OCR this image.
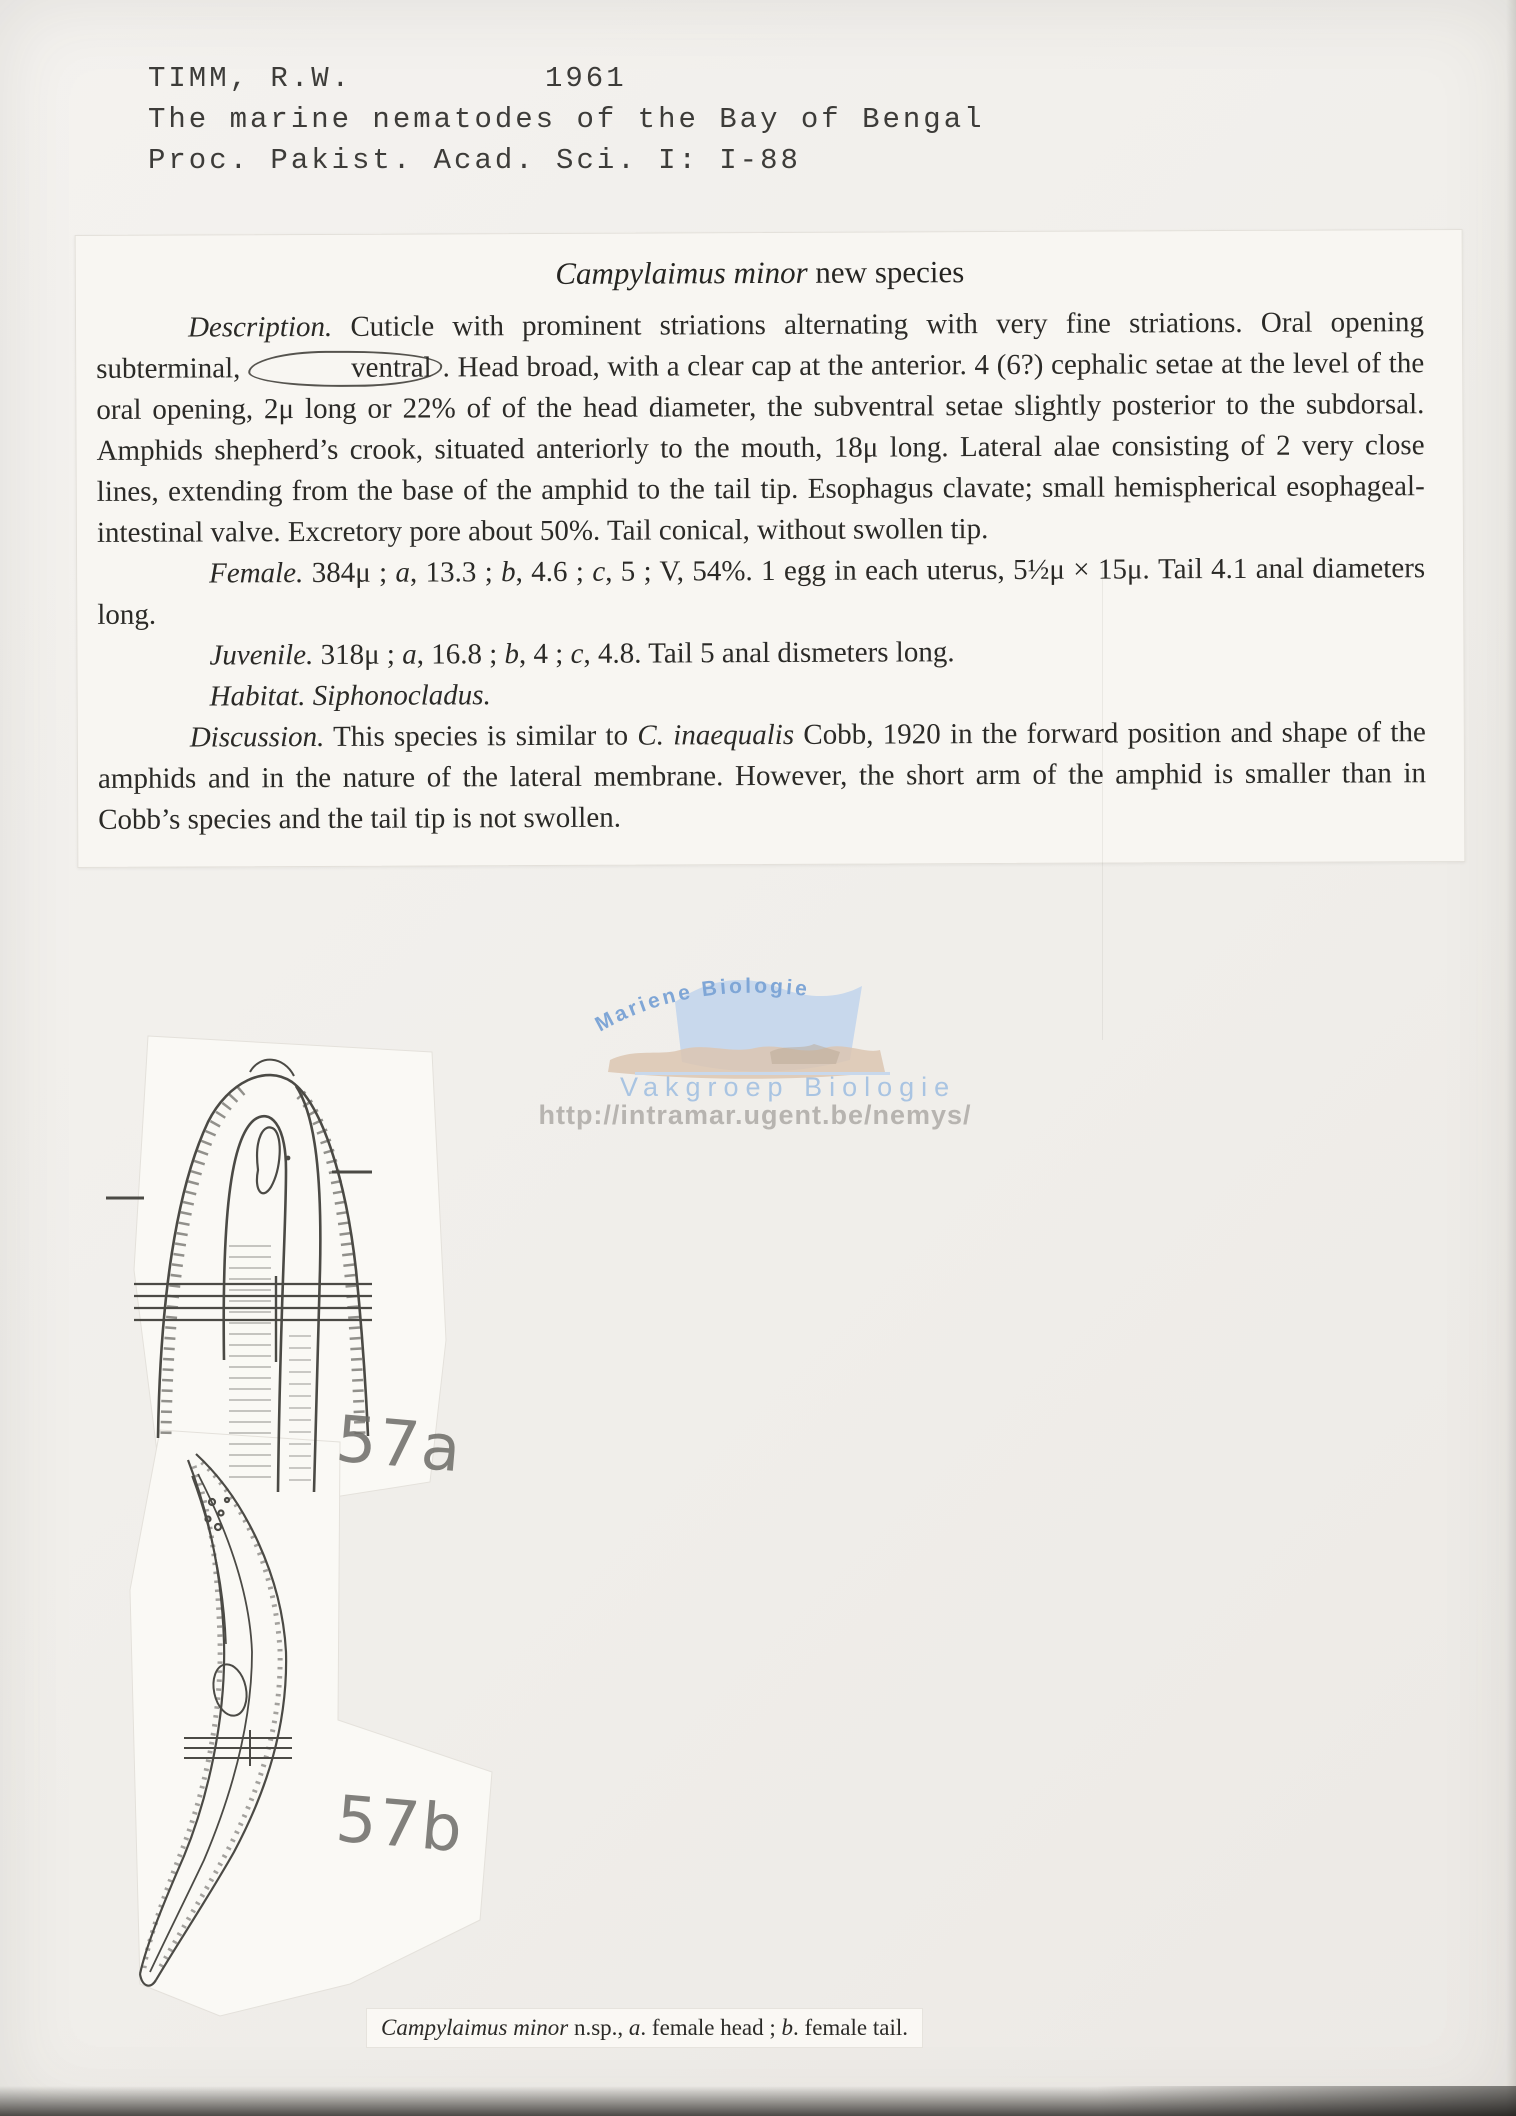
TIMM, R.W.	1961
The marine nematodes of the Bay of Bengal
Proc. Pakist. Acad. Sci. I: I-88
Campylaimus minor new species

Description. Cuticle with prominent striations alternating with very fine striations. Oral opening subterminal,	ventral . Head broad, with a clear cap at the anterior. 4 (6?) cephalic setae at the level of the oral opening, 2μ long or 22% of of the head diameter, the subventral setae slightly posterior to the subdorsal. Amphids shepherd’s crook, situated anteriorly to the mouth, 18μ long. Lateral alae consisting of 2 very close lines, extending from the base of the amphid to the tail tip. Esophagus clavate; small hemispherical esophageal-intestinal valve. Excretory pore about 50%. Tail conical, without swollen tip.

Female. 384μ ; a, 13.3 ; b, 4.6 ; c, 5 ; V, 54%. 1 egg in each uterus, 5½μ × 15μ. Tail 4.1 anal diameters long.

Juvenile. 318μ ; a, 16.8 ; b, 4 ; c, 4.8. Tail 5 anal dismeters long.

Habitat. Siphonocladus.

Discussion. This species is similar to C. inaequalis Cobb, 1920 in the forward position and shape of the amphids and in the nature of the lateral membrane. However, the short arm of the amphid is smaller than in Cobb’s species and the tail tip is not swollen.

Mariene Biologie
Vakgroep Biologie
http://intramar.ugent.be/nemys/
57a
57b
Campylaimus minor n.sp., a. female head ; b. female tail.
